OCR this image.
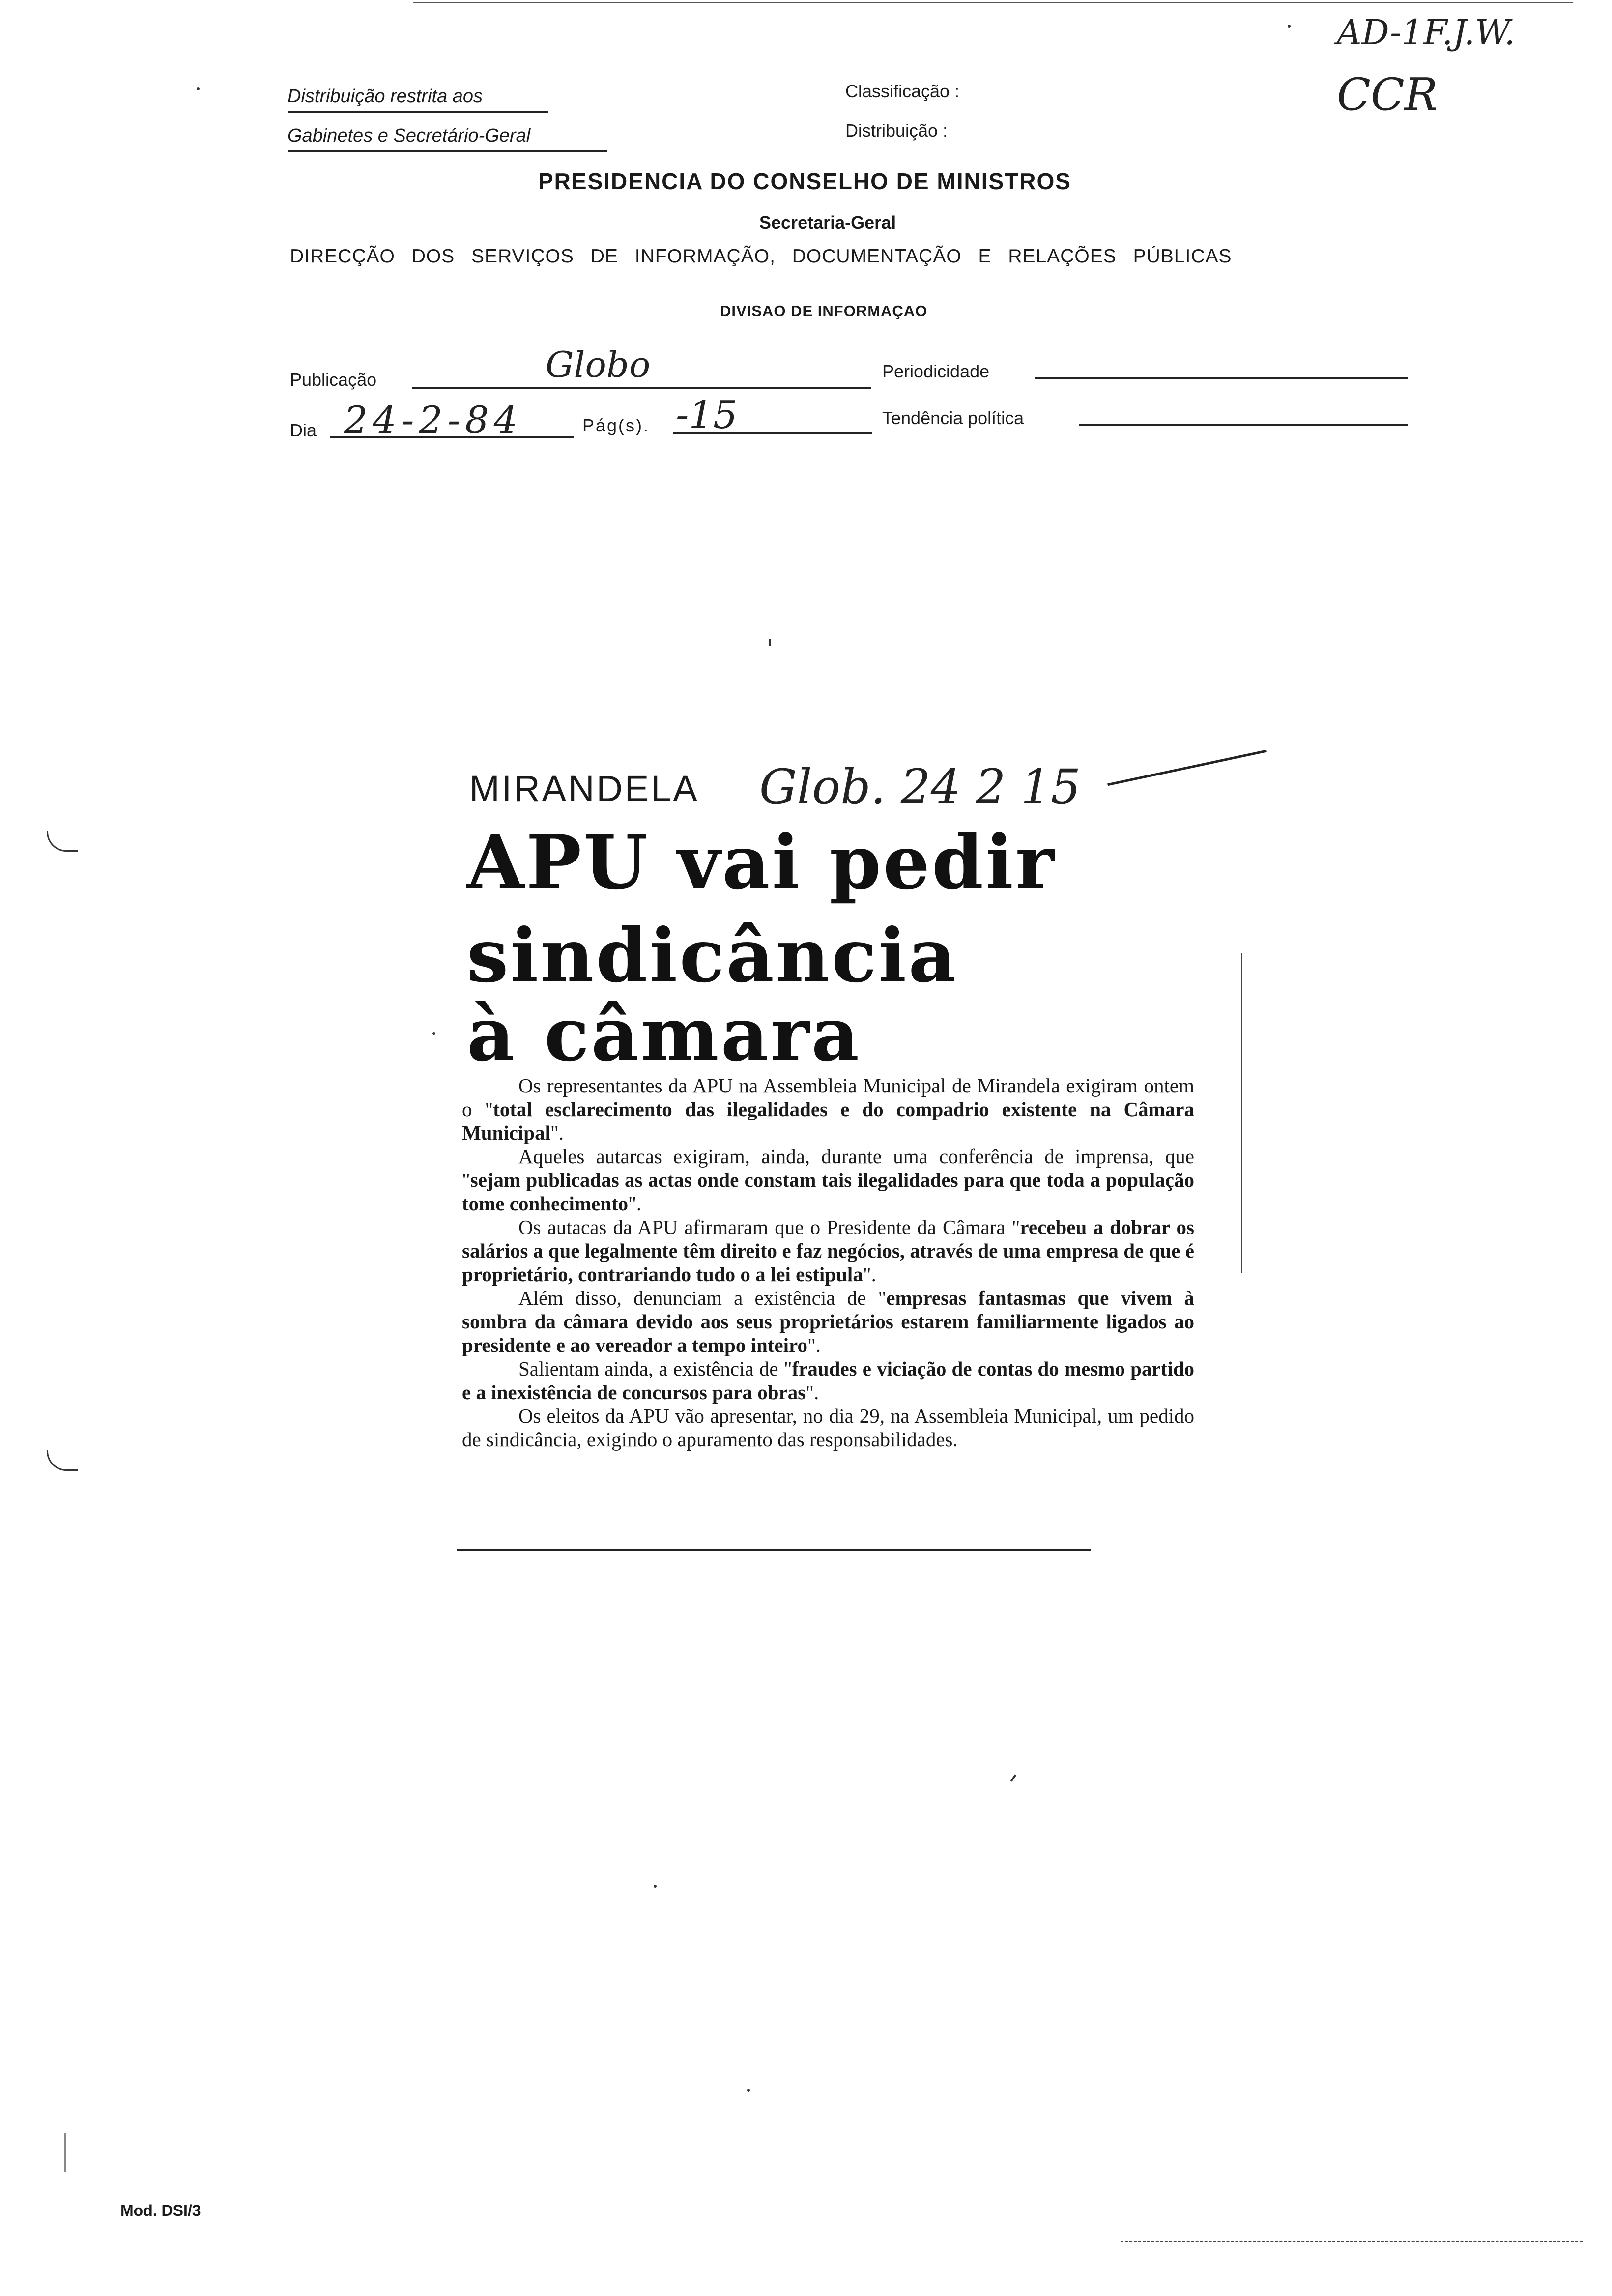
Distribuição restrita aos
Gabinetes e Secretário-Geral
Classificação :
Distribuição :
AD-1F.J.W.
CCR
PRESIDENCIA DO CONSELHO DE MINISTROS
Secretaria-Geral
DIRECÇÃO DOS SERVIÇOS DE INFORMAÇÃO, DOCUMENTAÇÃO E RELAÇÕES PÚBLICAS
DIVISAO DE INFORMAÇAO
Publicação	Globo	Periodicidade
Dia 24-2-84	Pág(s). -15	Tendência política
MIRANDELA Glob. 24 2 15
APU vai pedir
sindicância
à câmara

Os representantes da APU na Assembleia Municipal de Mirandela exigiram ontem o "total esclarecimento das ilegalidades e do compadrio existente na Câmara Municipal".

Aqueles autarcas exigiram, ainda, durante uma conferência de imprensa, que "sejam publicadas as actas onde constam tais ilegalidades para que toda a população tome conhecimento".

Os autacas da APU afirmaram que o Presidente da Câmara "recebeu a dobrar os salários a que legalmente têm direito e faz negócios, através de uma empresa de que é proprietário, contrariando tudo o a lei estipula".

Além disso, denunciam a existência de "empresas fantasmas que vivem à sombra da câmara devido aos seus proprietários estarem familiarmente ligados ao presidente e ao vereador a tempo inteiro".

Salientam ainda, a existência de "fraudes e viciação de contas do mesmo partido e a inexistência de concursos para obras".

Os eleitos da APU vão apresentar, no dia 29, na Assembleia Municipal, um pedido de sindicância, exigindo o apuramento das responsabilidades.

Mod. DSI/3
